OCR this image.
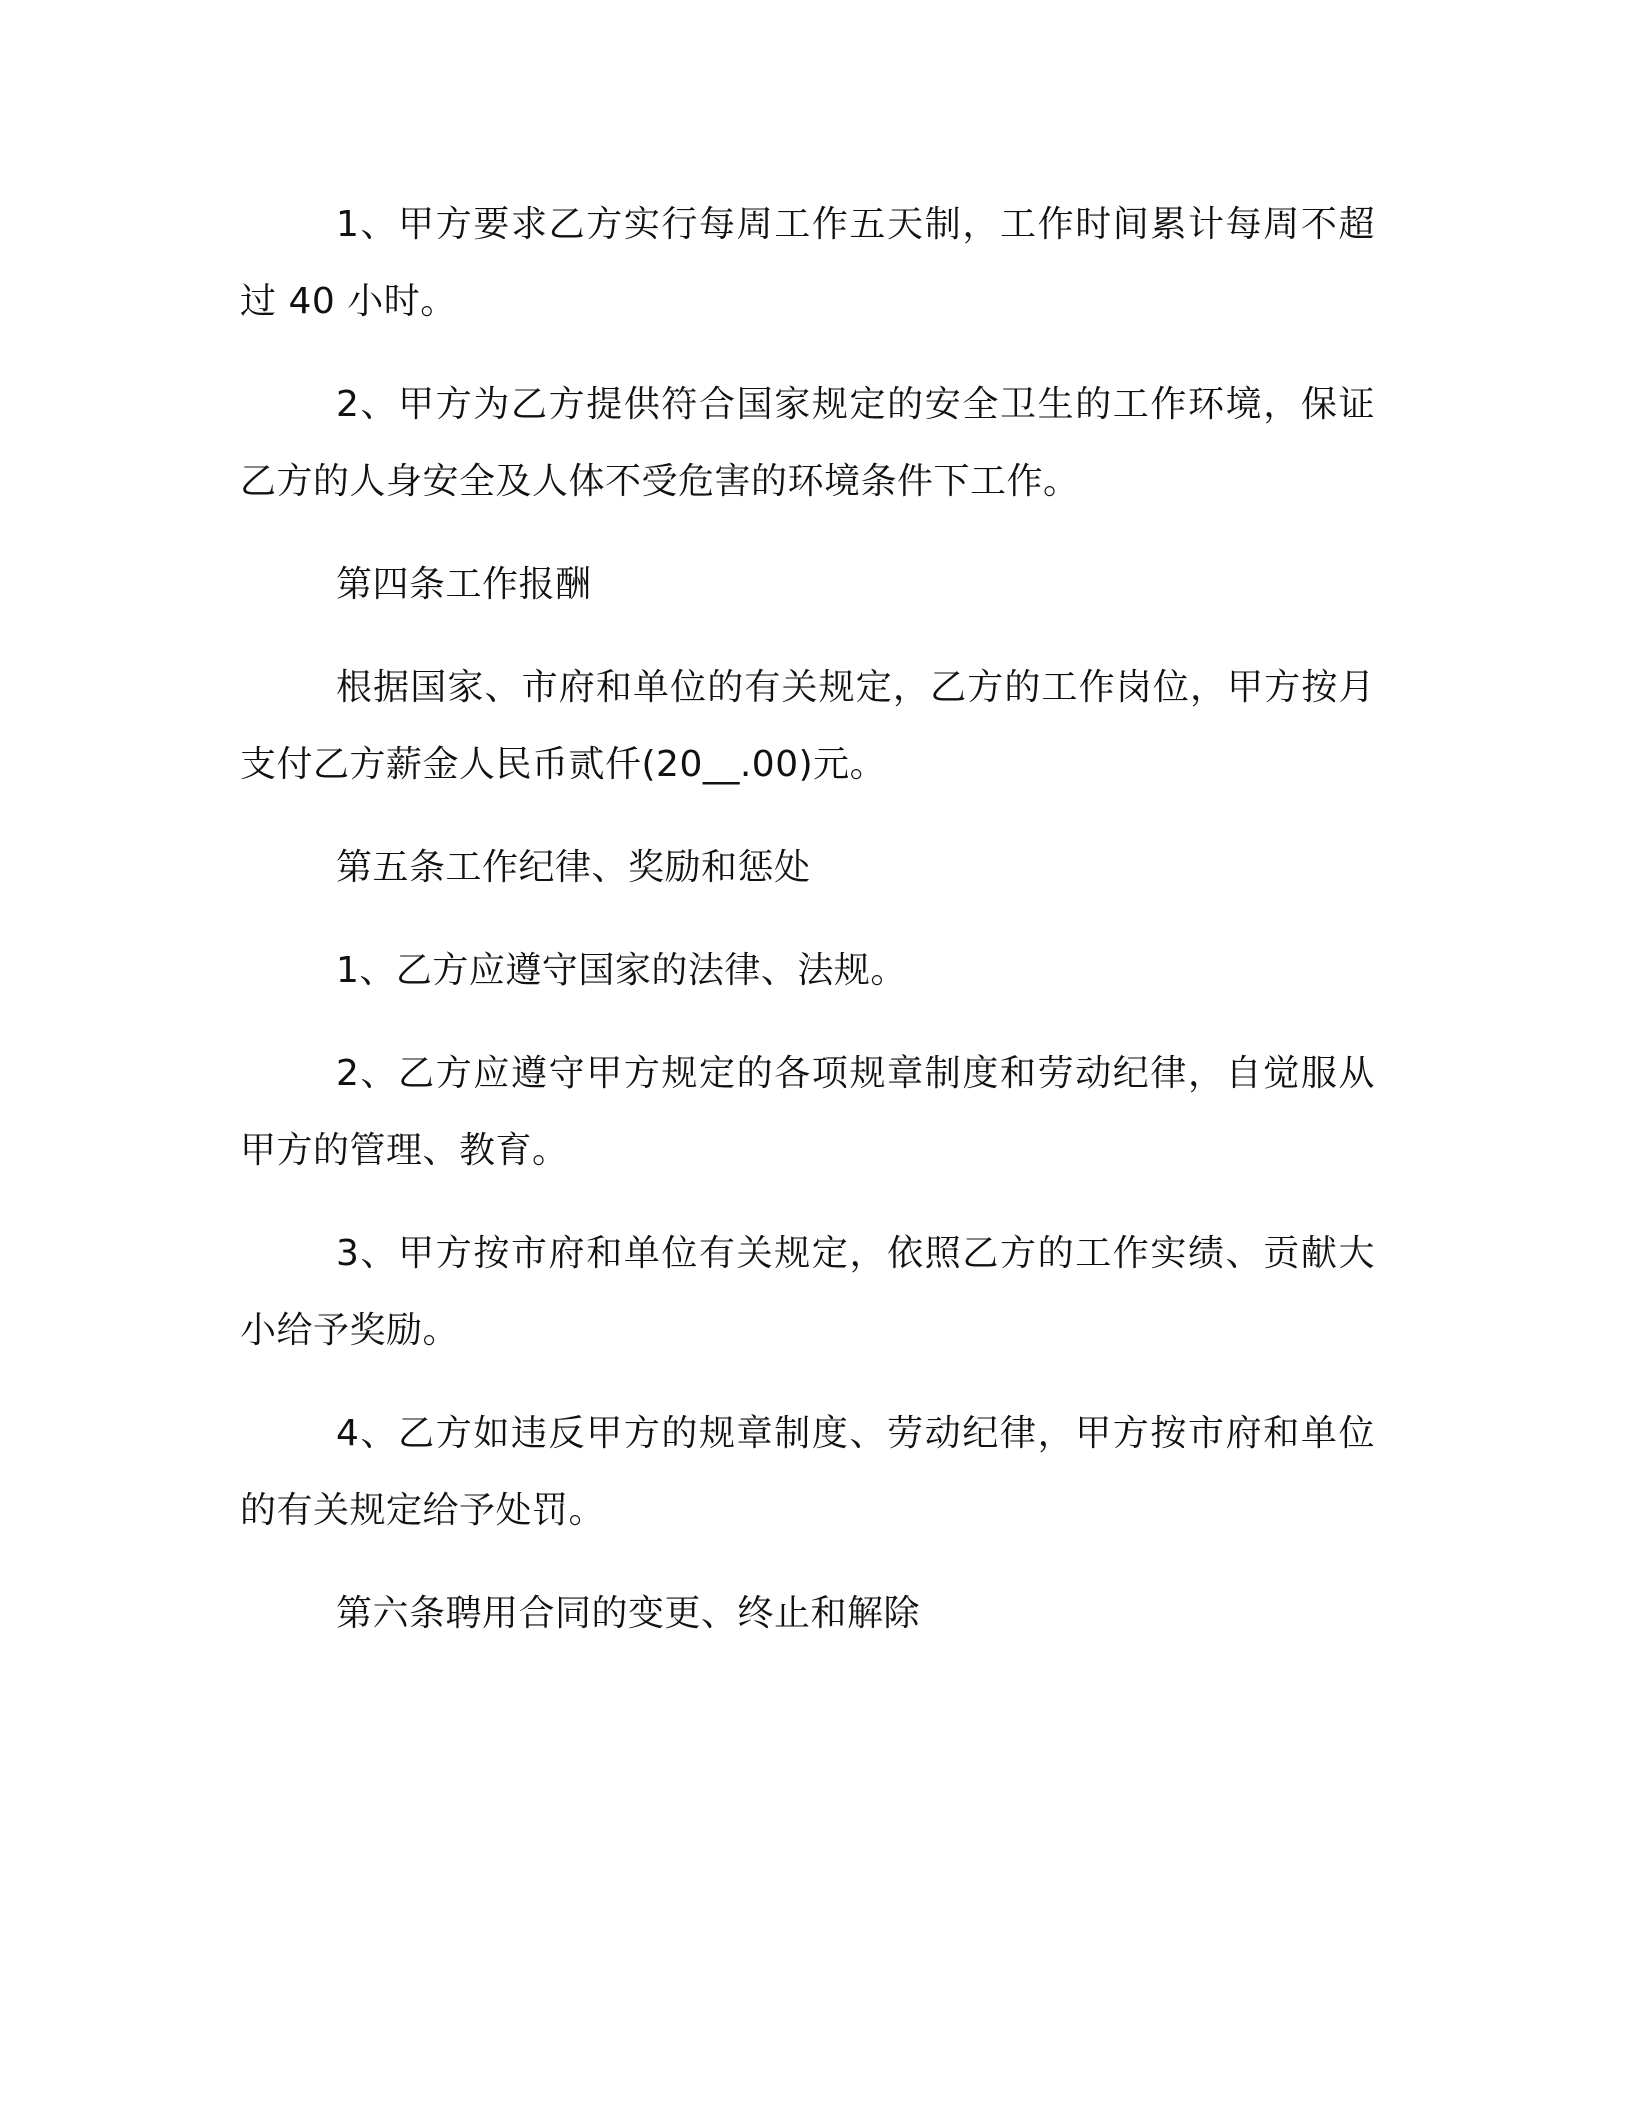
1、甲方要求乙方实行每周工作五天制，工作时间累计每周不超过 40 小时。

2、甲方为乙方提供符合国家规定的安全卫生的工作环境，保证乙方的人身安全及人体不受危害的环境条件下工作。

第四条工作报酬

根据国家、市府和单位的有关规定，乙方的工作岗位，甲方按月支付乙方薪金人民币贰仟(20__.00)元。

第五条工作纪律、奖励和惩处

1、乙方应遵守国家的法律、法规。

2、乙方应遵守甲方规定的各项规章制度和劳动纪律，自觉服从甲方的管理、教育。

3、甲方按市府和单位有关规定，依照乙方的工作实绩、贡献大小给予奖励。

4、乙方如违反甲方的规章制度、劳动纪律，甲方按市府和单位的有关规定给予处罚。

第六条聘用合同的变更、终止和解除
